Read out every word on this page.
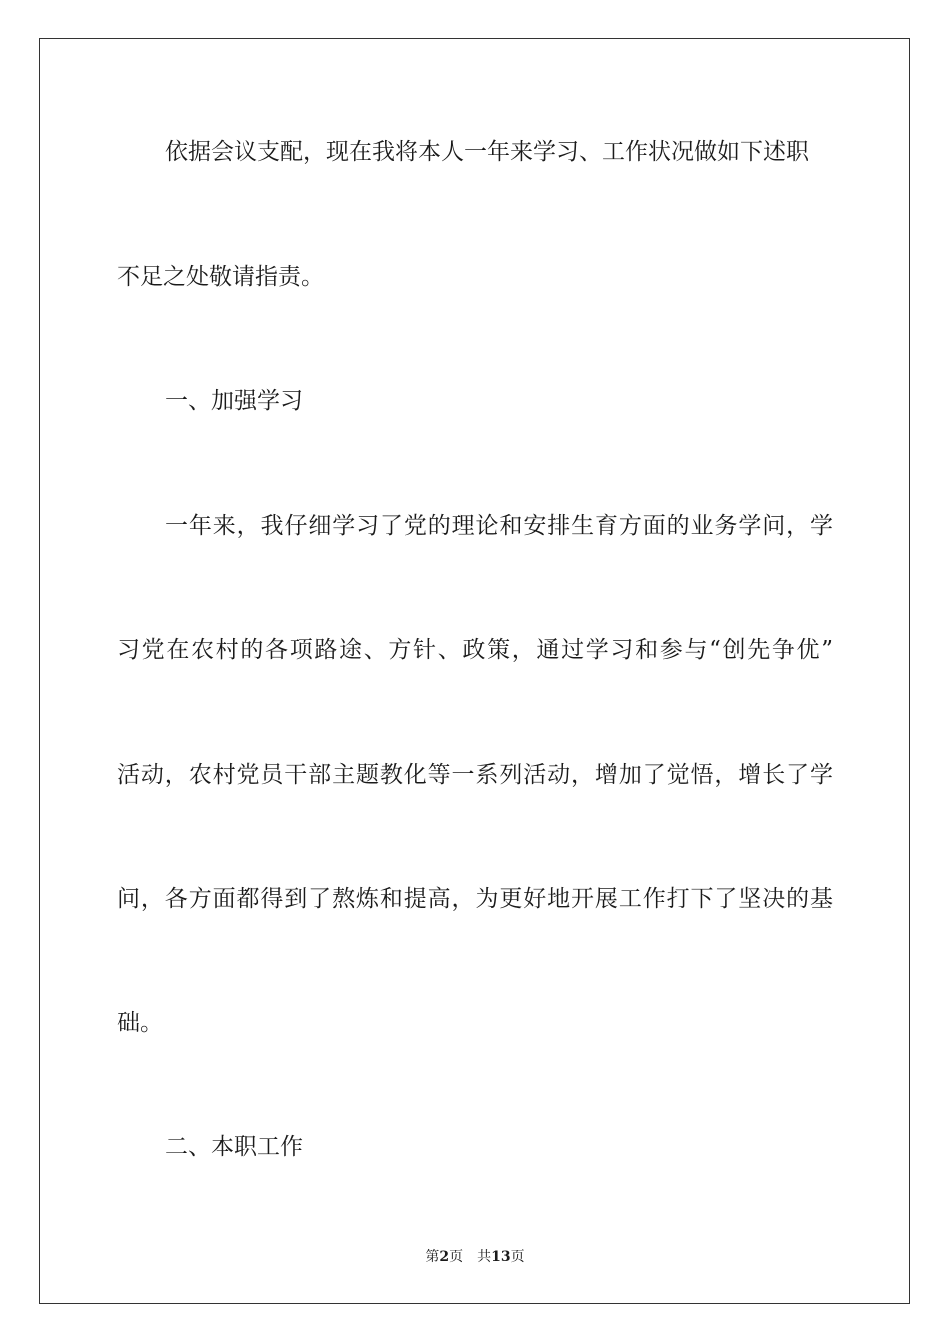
依据会议支配，现在我将本人一年来学习、工作状况做如下述职
不足之处敬请指责。
一、加强学习
一年来，我仔细学习了党的理论和安排生育方面的业务学问，学
习党在农村的各项路途、方针、政策，通过学习和参与“创先争优”
活动，农村党员干部主题教化等一系列活动，增加了觉悟，增长了学
问，各方面都得到了熬炼和提高，为更好地开展工作打下了坚决的基
础。
二、本职工作
第2页 共13页
